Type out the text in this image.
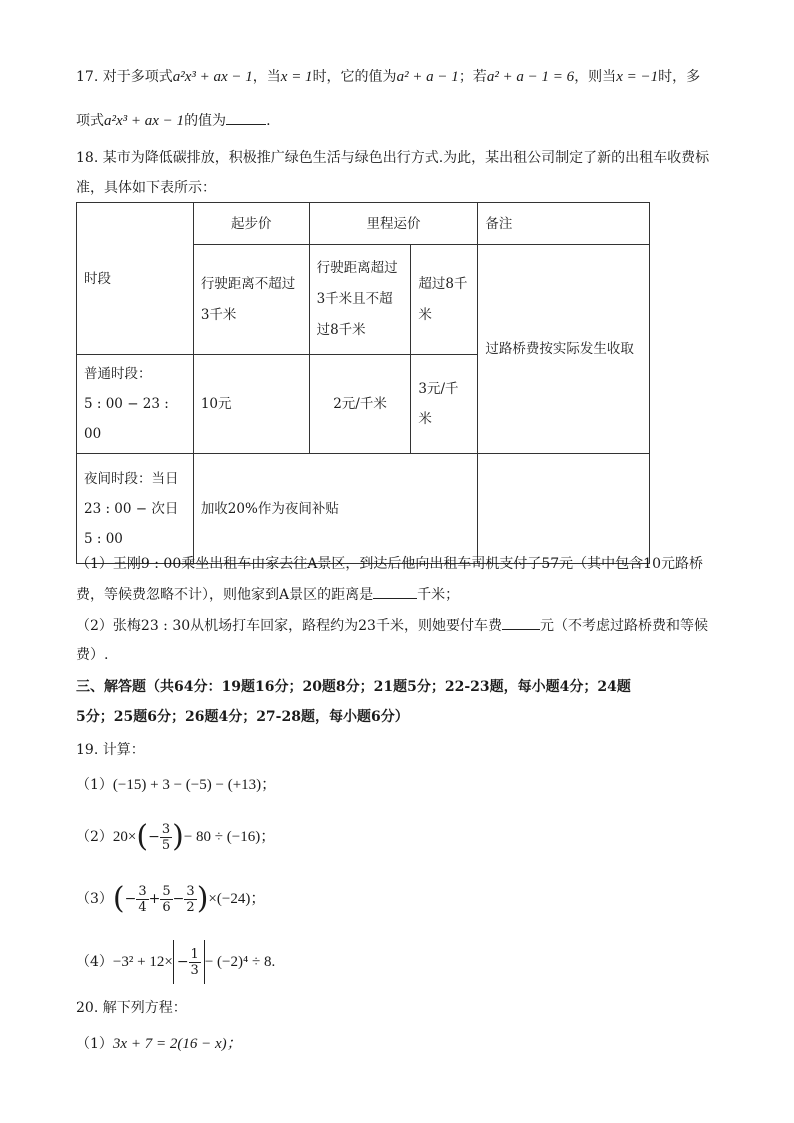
17. 对于多项式a²x³ + ax − 1，当x = 1时，它的值为a² + a − 1；若a² + a − 1 = 6，则当x = −1时，多
项式a²x³ + ax − 1的值为	.
18. 某市为降低碳排放，积极推广绿色生活与绿色出行方式.为此，某出租公司制定了新的出租车收费标
准，具体如下表所示：
时段	起步价	里程运价		备注
	行驶距离不超过3千米	行驶距离超过3千米且不超过8千米	超过8千米	过路桥费按实际发生收取

普通时段：
5 : 00 − 23 : 00	10元	2元/千米	3元/千米	

夜间时段：当日
23 : 00 − 次日
5 : 00	加收20%作为夜间补贴			
（1）王刚9 : 00乘坐出租车由家去往A景区，到达后他向出租车司机支付了57元（其中包含10元路桥
费，等候费忽略不计），则他家到A景区的距离是	千米；
（2）张梅23 : 30从机场打车回家，路程约为23千米，则她要付车费	元（不考虑过路桥费和等候
费）.
三、解答题（共64分：19题16分；20题8分；21题5分；22-23题，每小题4分；24题
5分；25题6分；26题4分；27-28题，每小题6分）
19. 计算：
（1）(−15) + 3 − (−5) − (+13)；
$(2)20\times(- \frac{3}{5}$ )− 80 ÷ (−16)；
$(3)(- \frac{3}{4} + \frac{5}{6} - \frac{3}{2} )\times(-24)$；
$(4)-3^2 + 12\times - \frac{1}{3} - (-2)^4 \div 8$.
20. 解下列方程：
（1）3x + 7 = 2(16 − x)；
